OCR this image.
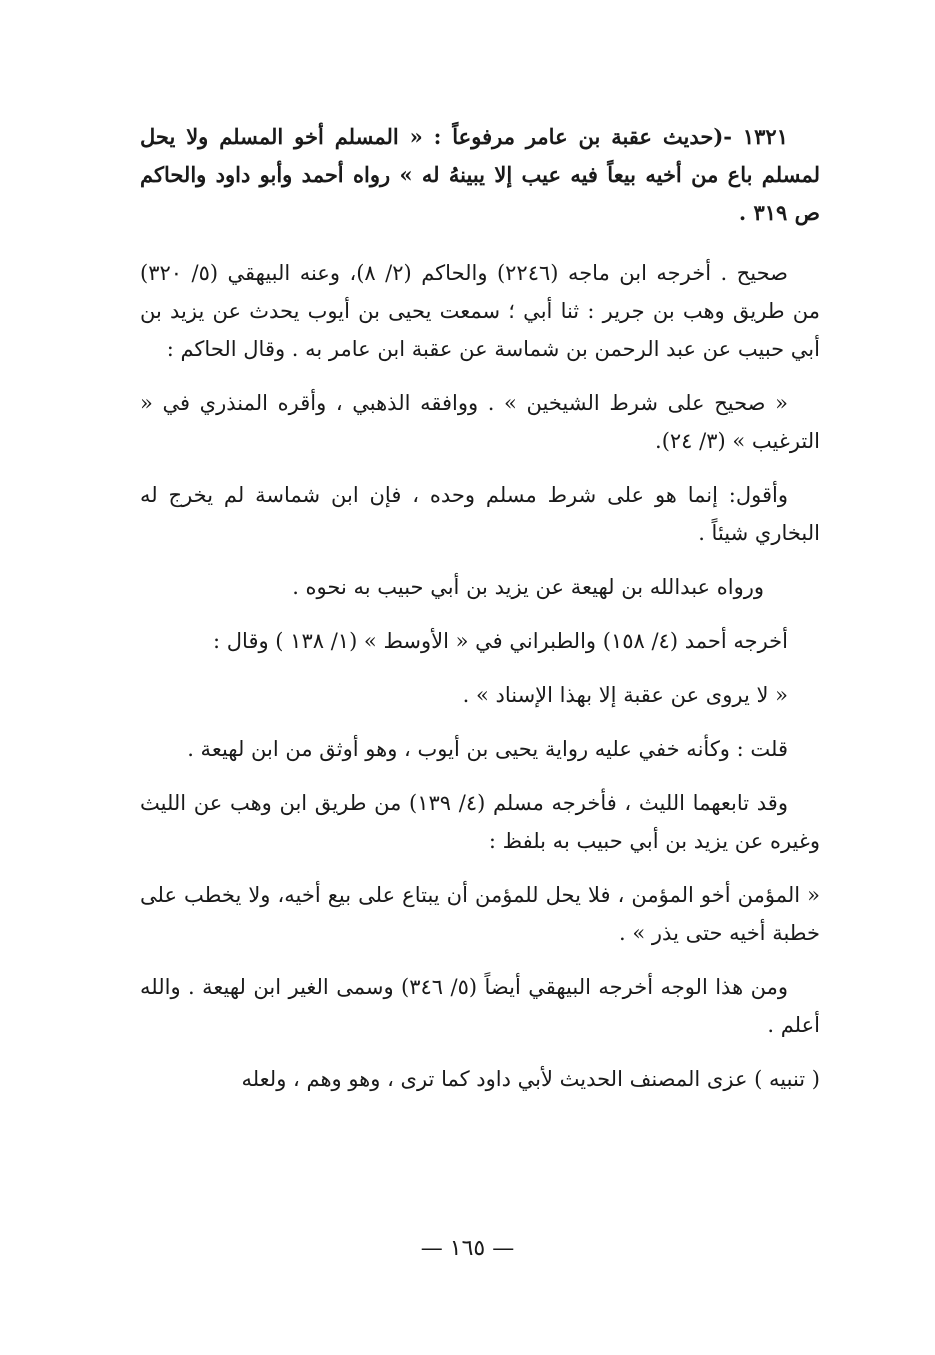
١٣٢١ -(حديث عقبة بن عامر مرفوعاً : « المسلم أخو المسلم ولا يحل لمسلم باع من أخيه بيعاً فيه عيب إلا يبينهُ له » رواه أحمد وأبو داود والحاكم ص ٣١٩ .

صحيح . أخرجه ابن ماجه (٢٢٤٦) والحاكم (٢/ ٨)، وعنه البيهقي (٥/ ٣٢٠) من طريق وهب بن جرير : ثنا أبي ؛ سمعت يحيى بن أيوب يحدث عن يزيد بن أبي حبيب عن عبد الرحمن بن شماسة عن عقبة ابن عامر به . وقال الحاكم :

« صحيح على شرط الشيخين » . ووافقه الذهبي ، وأقره المنذري في « الترغيب » (٣/ ٢٤).

وأقول: إنما هو على شرط مسلم وحده ، فإن ابن شماسة لم يخرج له البخاري شيئاً .

ورواه عبدالله بن لهيعة عن يزيد بن أبي حبيب به نحوه .

أخرجه أحمد (٤/ ١٥٨) والطبراني في « الأوسط » (١/ ١٣٨ ) وقال :

« لا يروى عن عقبة إلا بهذا الإسناد » .

قلت : وكأنه خفي عليه رواية يحيى بن أيوب ، وهو أوثق من ابن لهيعة .

وقد تابعهما الليث ، فأخرجه مسلم (٤/ ١٣٩) من طريق ابن وهب عن الليث وغيره عن يزيد بن أبي حبيب به بلفظ :

« المؤمن أخو المؤمن ، فلا يحل للمؤمن أن يبتاع على بيع أخيه، ولا يخطب على خطبة أخيه حتى يذر » .

ومن هذا الوجه أخرجه البيهقي أيضاً (٥/ ٣٤٦) وسمى الغير ابن لهيعة . والله أعلم .

( تنبيه ) عزى المصنف الحديث لأبي داود كما ترى ، وهو وهم ، ولعله

— ١٦٥ —
